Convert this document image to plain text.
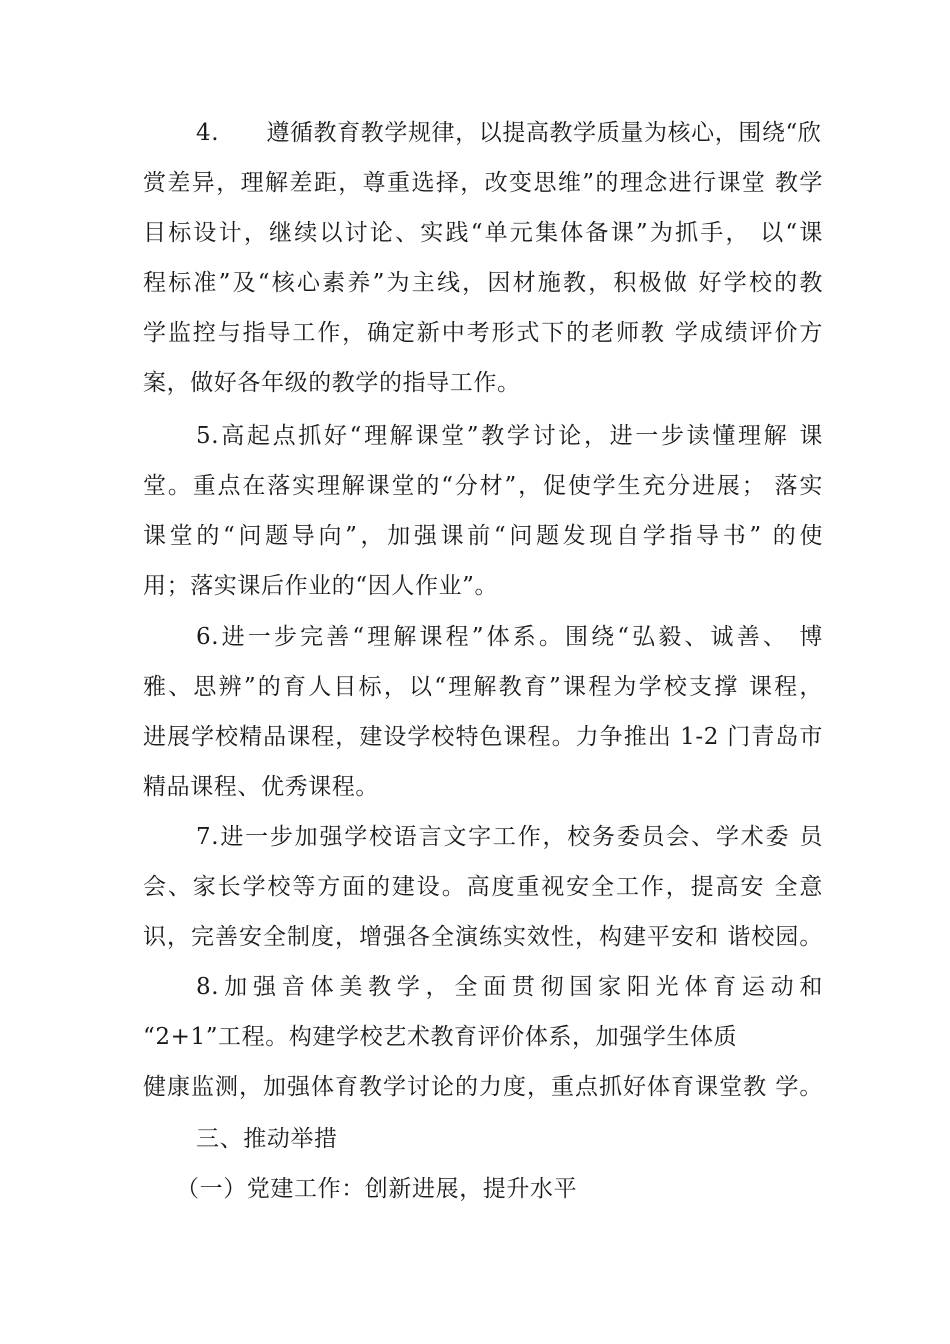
4.　　遵循教育教学规律，以提高教学质量为核心，围绕“欣
赏差异，理解差距，尊重选择，改变思维”的理念进行课堂 教学
目标设计，继续以讨论、实践“单元集体备课”为抓手， 以“课
程标准”及“核心素养”为主线，因材施教，积极做 好学校的教
学监控与指导工作，确定新中考形式下的老师教 学成绩评价方
案，做好各年级的教学的指导工作。
5.高起点抓好“理解课堂”教学讨论，进一步读懂理解 课
堂。重点在落实理解课堂的“分材”，促使学生充分进展； 落实
课堂的“问题导向”，加强课前“问题发现自学指导书” 的使
用；落实课后作业的“因人作业”。
6.进一步完善“理解课程”体系。围绕“弘毅、诚善、 博
雅、思辨”的育人目标，以“理解教育”课程为学校支撑 课程，
进展学校精品课程，建设学校特色课程。力争推出 1-2 门青岛市
精品课程、优秀课程。
7.进一步加强学校语言文字工作，校务委员会、学术委 员
会、家长学校等方面的建设。高度重视安全工作，提高安 全意
识，完善安全制度，增强各全演练实效性，构建平安和 谐校园。
8.加强音体美教学，全面贯彻国家阳光体育运动和
“2+1”工程。构建学校艺术教育评价体系，加强学生体质
健康监测，加强体育教学讨论的力度，重点抓好体育课堂教 学。
三、推动举措
（一）党建工作：创新进展，提升水平
